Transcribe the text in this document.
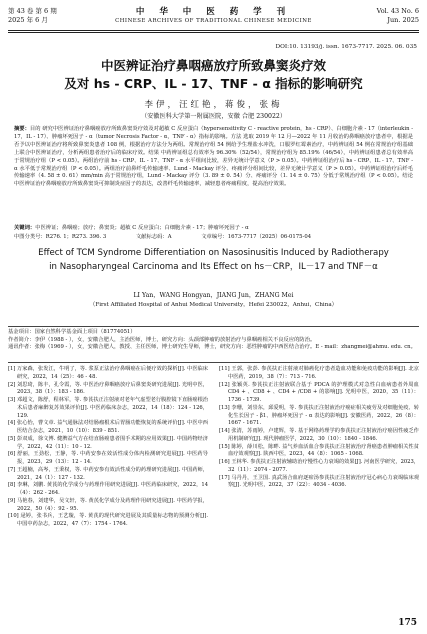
第 43 卷 第 6 期
2025 年 6 月
中 华 中 医 药 学 刊
CHINESE ARCHIVES OF TRADITIONAL CHINESE MEDICINE
Vol. 43 No. 6
Jun. 2025
DOI:10. 13193/j. issn. 1673-7717. 2025. 06. 035
中医辨证治疗鼻咽癌放疗所致鼻窦炎疗效
及对 hs - CRP、IL - 17、TNF - α 指标的影响研究
李伊，汪红艳，蒋俊，张梅
（安徽医科大学第一附属医院，安徽 合肥 230022）
摘要：目的 研究中医辨证治疗鼻咽癌放疗所致鼻窦炎疗效及对超敏 C 反应蛋白（hypersensitivity C - reactive protein，hs - CRP）、白细胞介素 - 17（interleukin - 17，IL - 17）、肿瘤坏死因子 - α（tumor Necrosis Factor - α，TNF - α）指标的影响。方法 选取 2019 年 12 月—2022 年 11 月收治的鼻咽癌放疗患者中，根据是否予以中医辨证治疗将所致鼻窦炎患者 108 例，根据治疗方法分为两组。常规治疗组 54 例给予生理盐水冲洗，口服罗红霉素治疗，中药辨证组 54 例在常规治疗组基础上联合中医辨证治疗，分析两组患者治疗后的临床疗效。结果 中药辨证组总有效率为 96.30%（52/54），常规治疗组为 85.19%（46/54），中药辨证组患者总有效率高于常规治疗组（P < 0.05）。两组治疗前 hs - CRP、IL - 17、TNF - α 水平组间比较，差异无统计学意义（P > 0.05）。中药辨证组治疗后 hs - CRP、IL - 17、TNF - α 水平低于常规治疗组（P < 0.05）。两组治疗前鼻纤毛传输速率、Lund - Mackay 评分、疼痛评分组间比较，差异无统计学意义（P > 0.05）。中药辨证组治疗后纤毛传输速率（4. 58 ± 0. 61）mm/min 高于常规治疗组，Lund - Mackay 评分（3. 89 ± 0. 54）分、疼痛评分（1. 14 ± 0. 75）分低于常规治疗组（P < 0.05）。结论 中医辨证治疗鼻咽癌放疗所致鼻窦炎可抑制炎症因子的表达，改善纤毛传输速率，减轻患者疼痛程度，提高治疗效果。
关键词：中医辨证；鼻咽癌；放疗；鼻窦炎；超敏 C 反应蛋白；白细胞介素 - 17；肿瘤坏死因子 - α
中图分类号：R276. 1；R273. 396. 3	文献标志码：A	文章编号：1673-7717（2025）06-0175-04
Effect of TCM Syndrome Differentiation on Nasosinusitis Induced by Radiotherapy
in Nasopharyngeal Carcinoma and Its Effect on hs－CRP，IL－17 and TNF－α
LI Yan，WANG Hongyan，JIANG Jun，ZHANG Mei
（First Affiliated Hospital of Anhui Medical University，Hefei 230022，Anhui，China）
基金项目：国家自然科学基金面上项目（81774051）
作者简介：李伊（1988 - ），女，安徽合肥人，主治医师，博士，研究方向：头颈部肿瘤的放射治疗与鼻咽癌相关不良反应的防治。
通讯作者：张梅（1969 - ），女，安徽合肥人，教授、主任医师，博士研究生导师，博士，研究方向：恶性肿瘤的中西医结合治疗。E - mail：zhangmei@ahmu. edu. cn。

[1] 万家森，张发江，牛明了，等. 浆泵正法治疗鼻咽癌在后便疗效的探析[J]. 中医临床研究，2022，14（25）：46 - 48.

[2] 刘思琦，陈丰，孔令霞，等. 中医治疗鼻咽癌放疗后鼻窦炎研究进展[J]. 光明中医，2023，38（1）：183 - 186.

[3] 邓超文，陈舒，程林军，等. 参芪扶正注射液对老年气虚型老行腹腔镜下直肠癌根治术后患者麻醉复苏效果评价[J]. 中医药临床杂志，2022，14（18）：124 - 126，129.

[4] 张心怡，曹文章. 益气通脉法对结肠瘤根术后胃肠功能恢复的系统评价[J]. 中医中西医结合杂志，2021，10（10）：839 - 851.

[5] 彭双成，徐文博. 健脾益气方在结直肠癌患者围手术期的应用效果[J]. 中国药物经济学，2022，42（11）：10 - 12.

[6] 舒丽，王劲松，王静，等. 中药安参在效活性成分体内检测研究进展[J]. 中医药导报，2023，29（13）：12 - 14.

[7] 王超楠，高岑，王秉权，等. 中药安参有效活性成分的药理研究进展[J]. 中国药师，2021，24（1）：127 - 132.

[8] 李琳，刘鹏. 黄芪的化学成分与药理作用研究进展[J]. 中医药临床研究，2022，14（4）：262 - 264.

[9] 马艳春，刘建华，吴文轩，等. 黄芪化学成分及药理作用研究进展[J]. 中医药学报，2022，50（4）：92 - 95.

[10] 逯婷，张书兵，王艺璇，等. 黄芪的现代研究进展及其质量标志物的预测分析[J]. 中国中药杂志，2022，47（7）：1754 - 1764.

[11] 王郭，张彭. 参芪扶正注射液对肺癌化疗患者造血功能和免疫功能的影响[J]. 北京中医药，2019，38（7）：713 - 716.

[12] 张颖英. 参芪扶正注射液联合基于 PDCA 的护理模式对急性白血病患者外周血 CD4 + 、CD8 + 、CD4 + /CD8 + 的影响[J]. 光明中医，2020，35（11）：1736 - 1739.

[13] 李珊，刘崇东，邱爱明，等. 参芪扶正注射液治疗癌症相关疲劳及对细胞免疫、转化生长因子 - β1、肿瘤坏死因子 - α 表达的影响[J]. 安徽医药，2022，26（8）：1667 - 1671.

[14] 张清，苏雨婷，卢建辉，等. 基于网络药理学的参芪扶正注射液治疗癌因性疲乏作用机制研究[J]. 现代肿瘤医学，2022，30（10）：1840 - 1846.

[15] 陈婷，薛川松，陈畔. 益气养血活血合参芪扶正注射液治疗肾癌患者肿瘤相关性贫血疗效观察[J]. 陕西中医，2023，44（8）：1065 - 1068.

[16] 王林华. 参芪扶正注射液辅助治疗慢性心力衰竭的效果[J]. 河南医学研究，2023，32（11）：2074 - 2077.

[17] 马丹丹，王卫国. 真武汤合血府逐瘀汤参芪扶正注射液治疗冠心病心力衰竭临床观察[J]. 光明中医，2022，37（22）：4034 - 4036.

175
